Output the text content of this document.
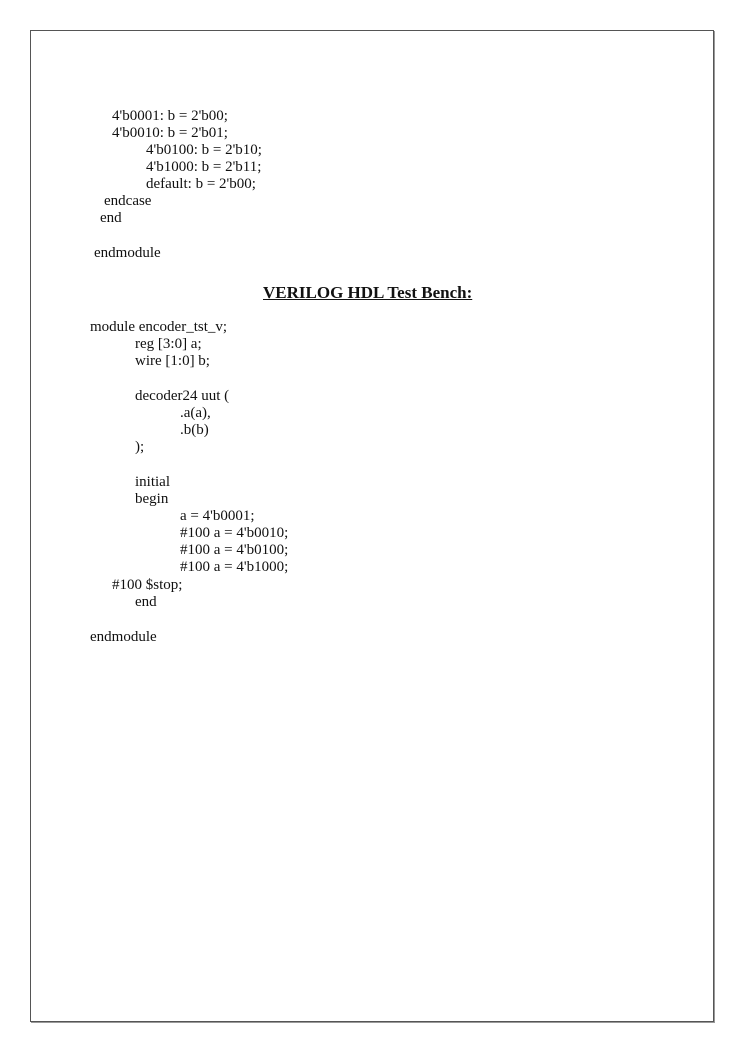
4'b0001: b = 2'b00;
4'b0010: b = 2'b01;
4'b0100: b = 2'b10;
4'b1000: b = 2'b11;
default: b = 2'b00;
endcase
end
endmodule
VERILOG HDL Test Bench:
module encoder_tst_v;
reg [3:0] a;
wire [1:0] b;
decoder24 uut (
.a(a),
.b(b)
);
initial
begin
a = 4'b0001;
#100 a = 4'b0010;
#100 a = 4'b0100;
#100 a = 4'b1000;
#100 $stop;
end
endmodule
